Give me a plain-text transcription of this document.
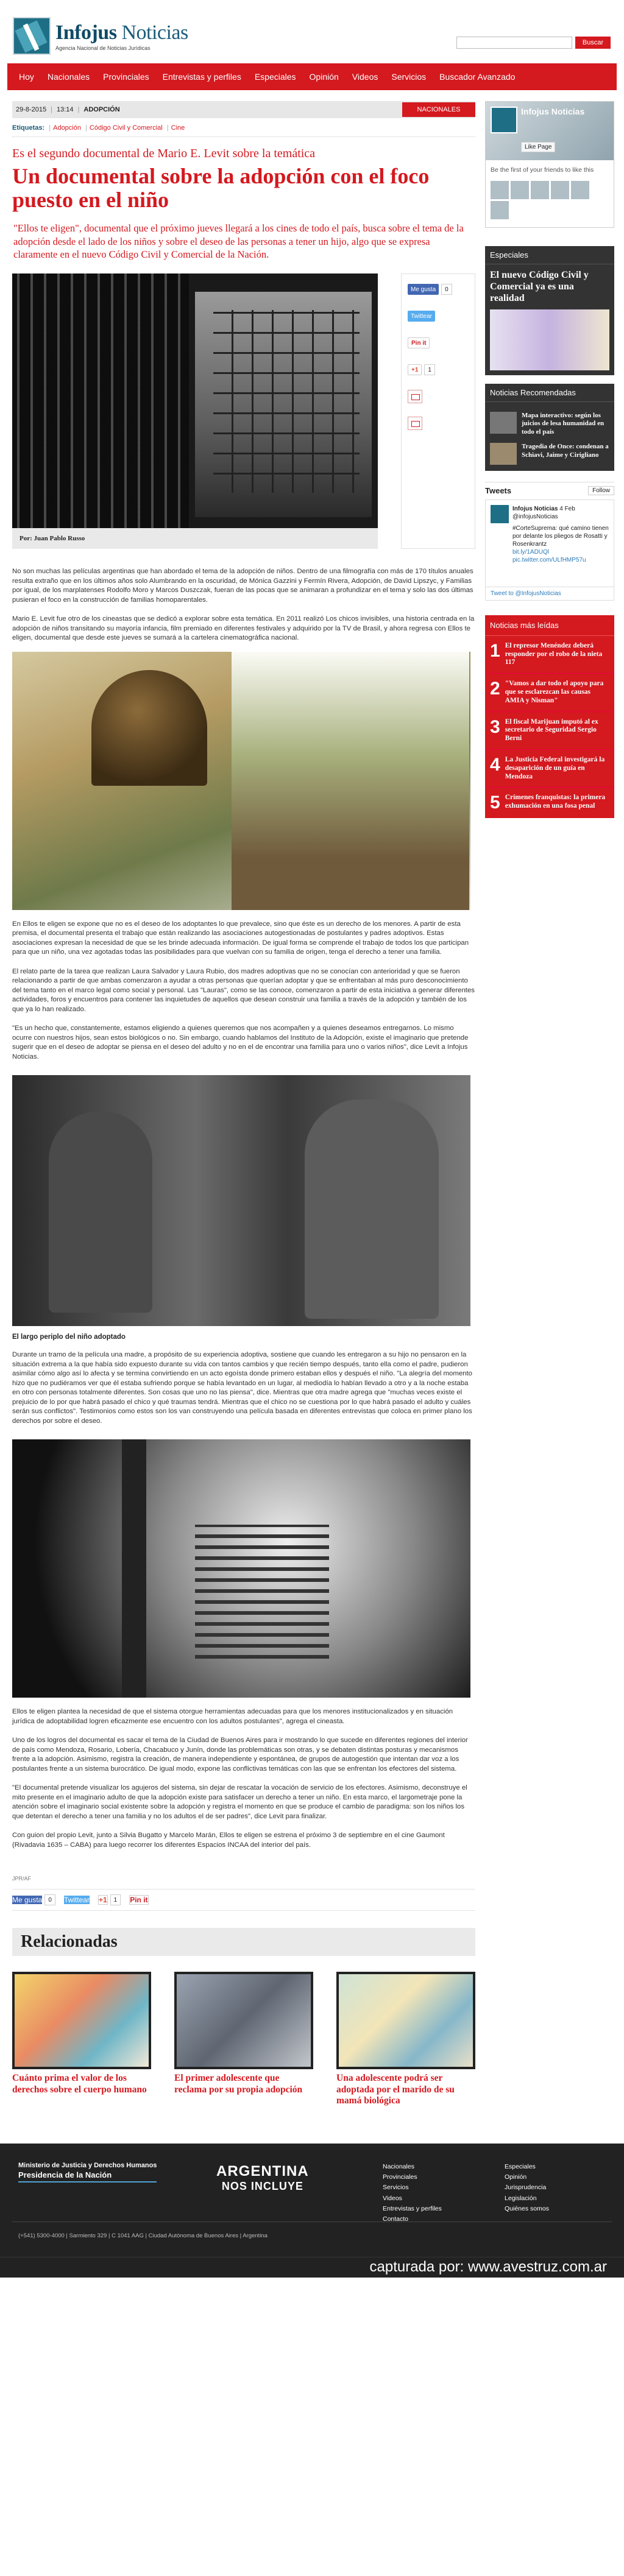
Infojus Noticias
Agencia Nacional de Noticias Jurídicas
Buscar
Hoy	Nacionales	Provinciales	Entrevistas y perfiles	Especiales	Opinión	Videos	Servicios	Buscador Avanzado
29-8-2015 | 13:14 | ADOPCIÓN	NACIONALES
Etiquetas: | Adopción | Código Civil y Comercial | Cine
Es el segundo documental de Mario E. Levit sobre la temática
Un documental sobre la adopción con el foco puesto en el niño
"Ellos te eligen", documental que el próximo jueves llegará a los cines de todo el país, busca sobre el tema de la adopción desde el lado de los niños y sobre el deseo de las personas a tener un hijo, algo que se expresa claramente en el nuevo Código Civil y Comercial de la Nación.
Por: Juan Pablo Russo
Me gusta	0
Twittear
Pin it
+1	1

No son muchas las películas argentinas que han abordado el tema de la adopción de niños. Dentro de una filmografía con más de 170 títulos anuales resulta extraño que en los últimos años solo Alumbrando en la oscuridad, de Mónica Gazzini y Fermín Rivera, Adopción, de David Lipszyc, y Familias por igual, de los marplatenses Rodolfo Moro y Marcos Duszczak, fueran de las pocas que se animaran a profundizar en el tema y solo las dos últimas pusieran el foco en la construcción de familias homoparentales.

Mario E. Levit fue otro de los cineastas que se dedicó a explorar sobre esta temática. En 2011 realizó Los chicos invisibles, una historia centrada en la adopción de niños transitando su mayoría infancia, film premiado en diferentes festivales y adquirido por la TV de Brasil, y ahora regresa con Ellos te eligen, documental que desde este jueves se sumará a la cartelera cinematográfica nacional.

En Ellos te eligen se expone que no es el deseo de los adoptantes lo que prevalece, sino que éste es un derecho de los menores. A partir de esta premisa, el documental presenta el trabajo que están realizando las asociaciones autogestionadas de postulantes y padres adoptivos. Estas asociaciones expresan la necesidad de que se les brinde adecuada información. De igual forma se comprende el trabajo de todos los que participan para que un niño, una vez agotadas todas las posibilidades para que vuelvan con su familia de origen, tenga el derecho a tener una familia.

El relato parte de la tarea que realizan Laura Salvador y Laura Rubio, dos madres adoptivas que no se conocían con anterioridad y que se fueron relacionando a partir de que ambas comenzaron a ayudar a otras personas que querían adoptar y que se enfrentaban al más puro desconocimiento del tema tanto en el marco legal como social y personal. Las "Lauras", como se las conoce, comenzaron a partir de esta iniciativa a generar diferentes actividades, foros y encuentros para contener las inquietudes de aquellos que desean construir una familia a través de la adopción y también de los que ya lo han realizado.

"Es un hecho que, constantemente, estamos eligiendo a quienes queremos que nos acompañen y a quienes deseamos entregarnos. Lo mismo ocurre con nuestros hijos, sean estos biológicos o no. Sin embargo, cuando hablamos del Instituto de la Adopción, existe el imaginario que pretende sugerir que en el deseo de adoptar se piensa en el deseo del adulto y no en el de encontrar una familia para uno o varios niños", dice Levit a Infojus Noticias.

El largo periplo del niño adoptado

Durante un tramo de la película una madre, a propósito de su experiencia adoptiva, sostiene que cuando les entregaron a su hijo no pensaron en la situación extrema a la que había sido expuesto durante su vida con tantos cambios y que recién tiempo después, tanto ella como el padre, pudieron asimilar cómo algo así lo afecta y se termina convirtiendo en un acto egoísta donde primero estaban ellos y después el niño. "La alegría del momento hizo que no pudiéramos ver que él estaba sufriendo porque se había levantado en un lugar, al mediodía lo habían llevado a otro y a la noche estaba en otro con personas totalmente diferentes. Son cosas que uno no las piensa", dice. Mientras que otra madre agrega que "muchas veces existe el prejuicio de lo por que habrá pasado el chico y qué traumas tendrá. Mientras que el chico no se cuestiona por lo que habrá pasado el adulto y cuáles serán sus conflictos". Testimonios como estos son los van construyendo una película basada en diferentes entrevistas que coloca en primer plano los derechos por sobre el deseo.

Ellos te eligen plantea la necesidad de que el sistema otorgue herramientas adecuadas para que los menores institucionalizados y en situación jurídica de adoptabilidad logren eficazmente ese encuentro con los adultos postulantes", agrega el cineasta.

Uno de los logros del documental es sacar el tema de la Ciudad de Buenos Aires para ir mostrando lo que sucede en diferentes regiones del interior de país como Mendoza, Rosario, Lobería, Chacabuco y Junín, donde las problemáticas son otras, y se debaten distintas posturas y mecanismos frente a la adopción. Asimismo, registra la creación, de manera independiente y espontánea, de grupos de autogestión que intentan dar voz a los postulantes frente a un sistema burocrático. De igual modo, expone las conflictivas temáticas con las que se enfrentan los efectores del sistema.

"El documental pretende visualizar los agujeros del sistema, sin dejar de rescatar la vocación de servicio de los efectores. Asimismo, deconstruye el mito presente en el imaginario adulto de que la adopción existe para satisfacer un derecho a tener un niño. En esta marco, el largometraje pone la atención sobre el imaginario social existente sobre la adopción y registra el momento en que se produce el cambio de paradigma: son los niños los que detentan el derecho a tener una familia y no los adultos el de ser padres", dice Levit para finalizar.

Con guion del propio Levit, junto a Silvia Bugatto y Marcelo Marán, Ellos te eligen se estrena el próximo 3 de septiembre en el cine Gaumont (Rivadavia 1635 – CABA) para luego recorrer los diferentes Espacios INCAA del interior del país.

JPR/AF
Me gusta	0	Twittear +1	1	Pin it
Relacionadas
Cuánto prima el valor de los derechos sobre el cuerpo humano
El primer adolescente que reclama por su propia adopción
Una adolescente podrá ser adoptada por el marido de su mamá biológica
Infojus Noticias
Like Page
Be the first of your friends to like this
Especiales
El nuevo Código Civil y Comercial ya es una realidad
Noticias Recomendadas
Mapa interactivo: según los juicios de lesa humanidad en todo el país
Tragedia de Once: condenan a Schiavi, Jaime y Cirigliano
Tweets	Follow
Infojus Noticias 4 Feb
@infojusNoticias
#CorteSuprema: qué camino tienen por delante los pliegos de Rosatti y Rosenkrantz
bit.ly/1ADUQl pic.twitter.com/ULfHMP57u
Tweet to @InfojusNoticias
Noticias más leídas
1 El represor Menéndez deberá responder por el robo de la nieta 117
2 "Vamos a dar todo el apoyo para que se esclarezcan las causas AMIA y Nisman"
3 El fiscal Marijuan imputó al ex secretario de Seguridad Sergio Berni
4 La Justicia Federal investigará la desaparición de un guía en Mendoza
5 Crímenes franquistas: la primera exhumación en una fosa penal
Ministerio de Justicia y Derechos Humanos
Presidencia de la Nación	ARGENTINA
NOS INCLUYE
Nacionales
Provinciales
Servicios
Videos
Entrevistas y perfiles
Contacto
Especiales
Opinión
Jurisprudencia
Legislación
Quiénes somos
(+541) 5300-4000 | Sarmiento 329 | C 1041 AAG | Ciudad Autónoma de Buenos Aires | Argentina
capturada por: www.avestruz.com.ar
